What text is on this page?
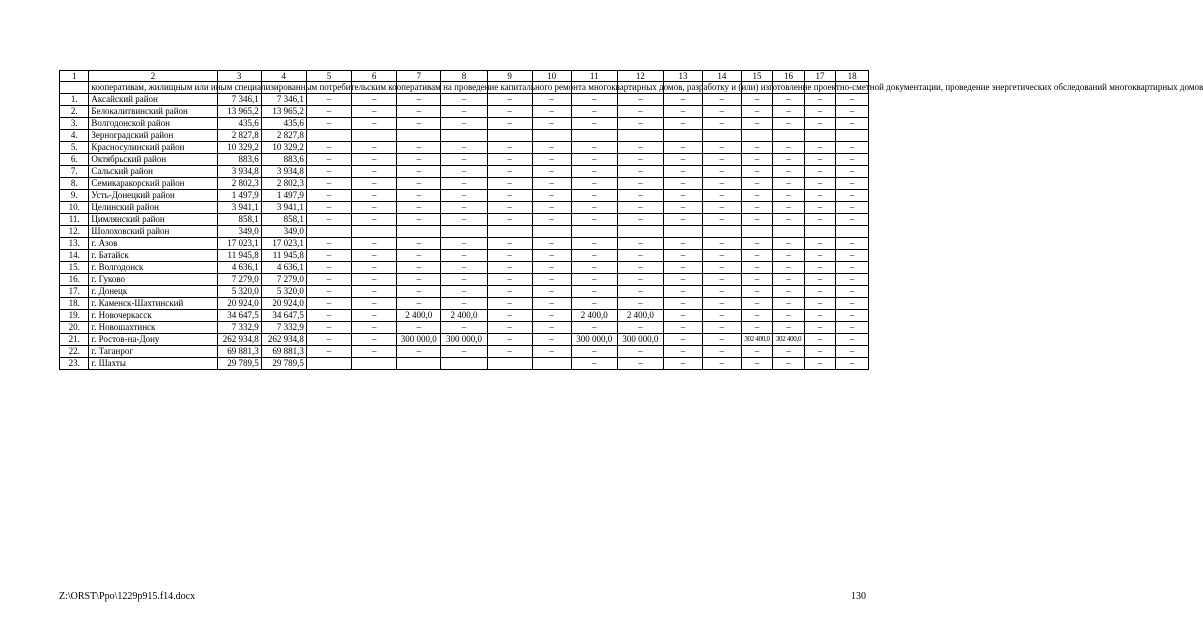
1	2	3	4	5	6	7	8	9	10	11	12	13	14	15	16	17	18
	кооперативам, жилищным или иным специализированным потребительским кооперативам на проведение капитального ремонта многоквартирных домов, разработку и (или) изготовление проектно-сметной документации, проведение энергетических обследований многоквартирных домов																
1.	Аксайский район	7 346,1	7 346,1	–	–	–	–	–	–	–	–	–	–	–	–	–	–
2.	Белокалитвинский район	13 965,2	13 965,2	–	–	–	–	–	–	–	–	–	–	–	–	–	–
3.	Волгодонской район	435,6	435,6	–	–	–	–	–	–	–	–	–	–	–	–	–	–
4.	Зерноградский район	2 827,8	2 827,8														
5.	Красносулинский район	10 329,2	10 329,2	–	–	–	–	–	–	–	–	–	–	–	–	–	–
6.	Октябрьский район	883,6	883,6	–	–	–	–	–	–	–	–	–	–	–	–	–	–
7.	Сальский район	3 934,8	3 934,8	–	–	–	–	–	–	–	–	–	–	–	–	–	–
8.	Семикаракорский район	2 802,3	2 802,3	–	–	–	–	–	–	–	–	–	–	–	–	–	–
9.	Усть-Донецкий район	1 497,9	1 497,9	–	–	–	–	–	–	–	–	–	–	–	–	–	–
10.	Целинский район	3 941,1	3 941,1	–	–	–	–	–	–	–	–	–	–	–	–	–	–
11.	Цимлянский район	858,1	858,1	–	–	–	–	–	–	–	–	–	–	–	–	–	–
12.	Шолоховский район	349,0	349,0														
13.	г. Азов	17 023,1	17 023,1	–	–	–	–	–	–	–	–	–	–	–	–	–	–
14.	г. Батайск	11 945,8	11 945,8	–	–	–	–	–	–	–	–	–	–	–	–	–	–
15.	г. Волгодонск	4 636,1	4 636,1	–	–	–	–	–	–	–	–	–	–	–	–	–	–
16.	г. Гуково	7 279,0	7 279,0	–	–	–	–	–	–	–	–	–	–	–	–	–	–
17.	г. Донецк	5 320,0	5 320,0	–	–	–	–	–	–	–	–	–	–	–	–	–	–
18.	г. Каменск-Шахтинский	20 924,0	20 924,0	–	–	–	–	–	–	–	–	–	–	–	–	–	–
19.	г. Новочеркасск	34 647,5	34 647,5	–	–	2 400,0	2 400,0	–	–	2 400,0	2 400,0	–	–	–	–	–	–
20.	г. Новошахтинск	7 332,9	7 332,9	–	–	–	–	–	–	–	–	–	–	–	–	–	–
21.	г. Ростов-на-Дону	262 934,8	262 934,8	–	–	300 000,0	300 000,0	–	–	300 000,0	300 000,0	–	–	302 400,0	302 400,0	–	–
22.	г. Таганрог	69 881,3	69 881,3	–	–	–	–	–	–	–	–	–	–	–	–	–	–
23.	г. Шахты	29 789,5	29 789,5							–	–	–	–	–	–	–	–
Z:\ORST\Ppo\1229p915.f14.docx	130
